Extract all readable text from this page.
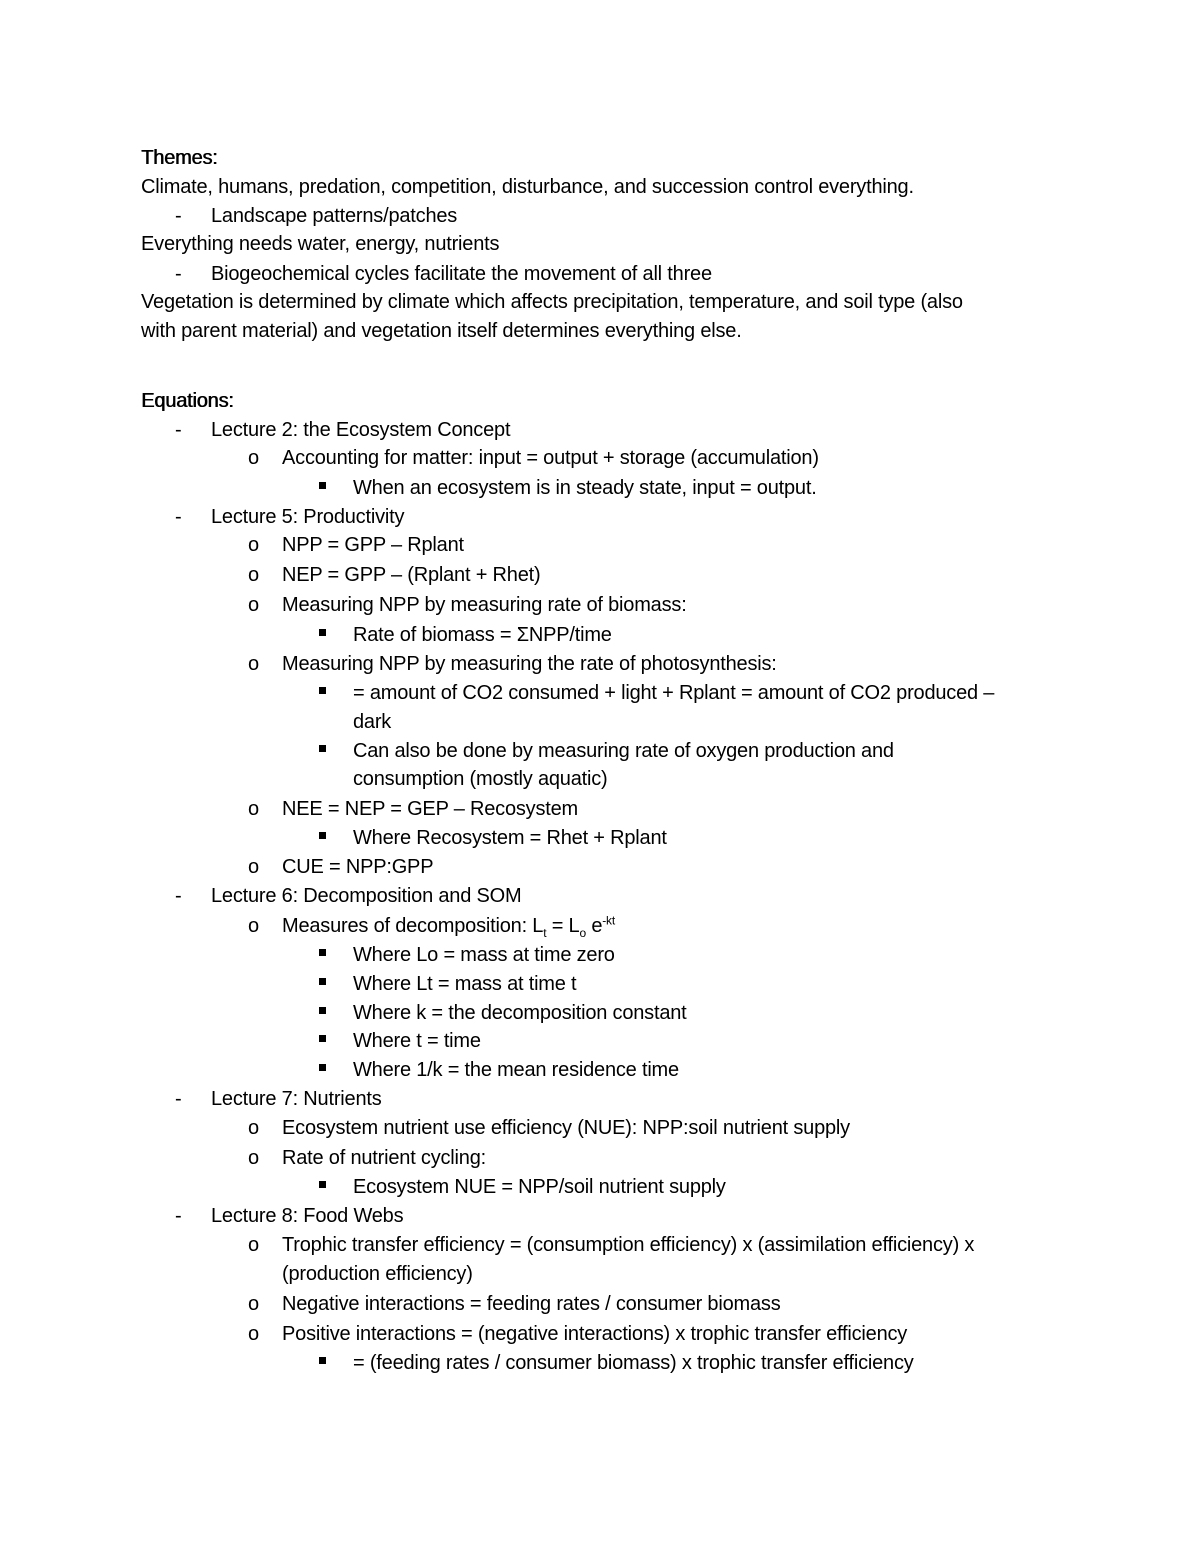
Themes:
Climate, humans, predation, competition, disturbance, and succession control everything.
- Landscape patterns/patches
Everything needs water, energy, nutrients
- Biogeochemical cycles facilitate the movement of all three
Vegetation is determined by climate which affects precipitation, temperature, and soil type (also
with parent material) and vegetation itself determines everything else.
Equations:
- Lecture 2: the Ecosystem Concept
o Accounting for matter: input = output + storage (accumulation)
When an ecosystem is in steady state, input = output.
- Lecture 5: Productivity
o NPP = GPP – Rplant
o NEP = GPP – (Rplant + Rhet)
o Measuring NPP by measuring rate of biomass:
Rate of biomass = ΣNPP/time
o Measuring NPP by measuring the rate of photosynthesis:
= amount of CO2 consumed + light + Rplant = amount of CO2 produced –
dark
Can also be done by measuring rate of oxygen production and
consumption (mostly aquatic)
o NEE = NEP = GEP – Recosystem
Where Recosystem = Rhet + Rplant
o CUE = NPP:GPP
- Lecture 6: Decomposition and SOM
o Measures of decomposition: $L_t = L_o$ $e^{-kt}$
Where Lo = mass at time zero
Where Lt = mass at time t
Where k = the decomposition constant
Where t = time
Where 1/k = the mean residence time
- Lecture 7: Nutrients
o Ecosystem nutrient use efficiency (NUE): NPP:soil nutrient supply
o Rate of nutrient cycling:
Ecosystem NUE = NPP/soil nutrient supply
- Lecture 8: Food Webs
o Trophic transfer efficiency = (consumption efficiency) x (assimilation efficiency) x
(production efficiency)
o Negative interactions = feeding rates / consumer biomass
o Positive interactions = (negative interactions) x trophic transfer efficiency
= (feeding rates / consumer biomass) x trophic transfer efficiency
